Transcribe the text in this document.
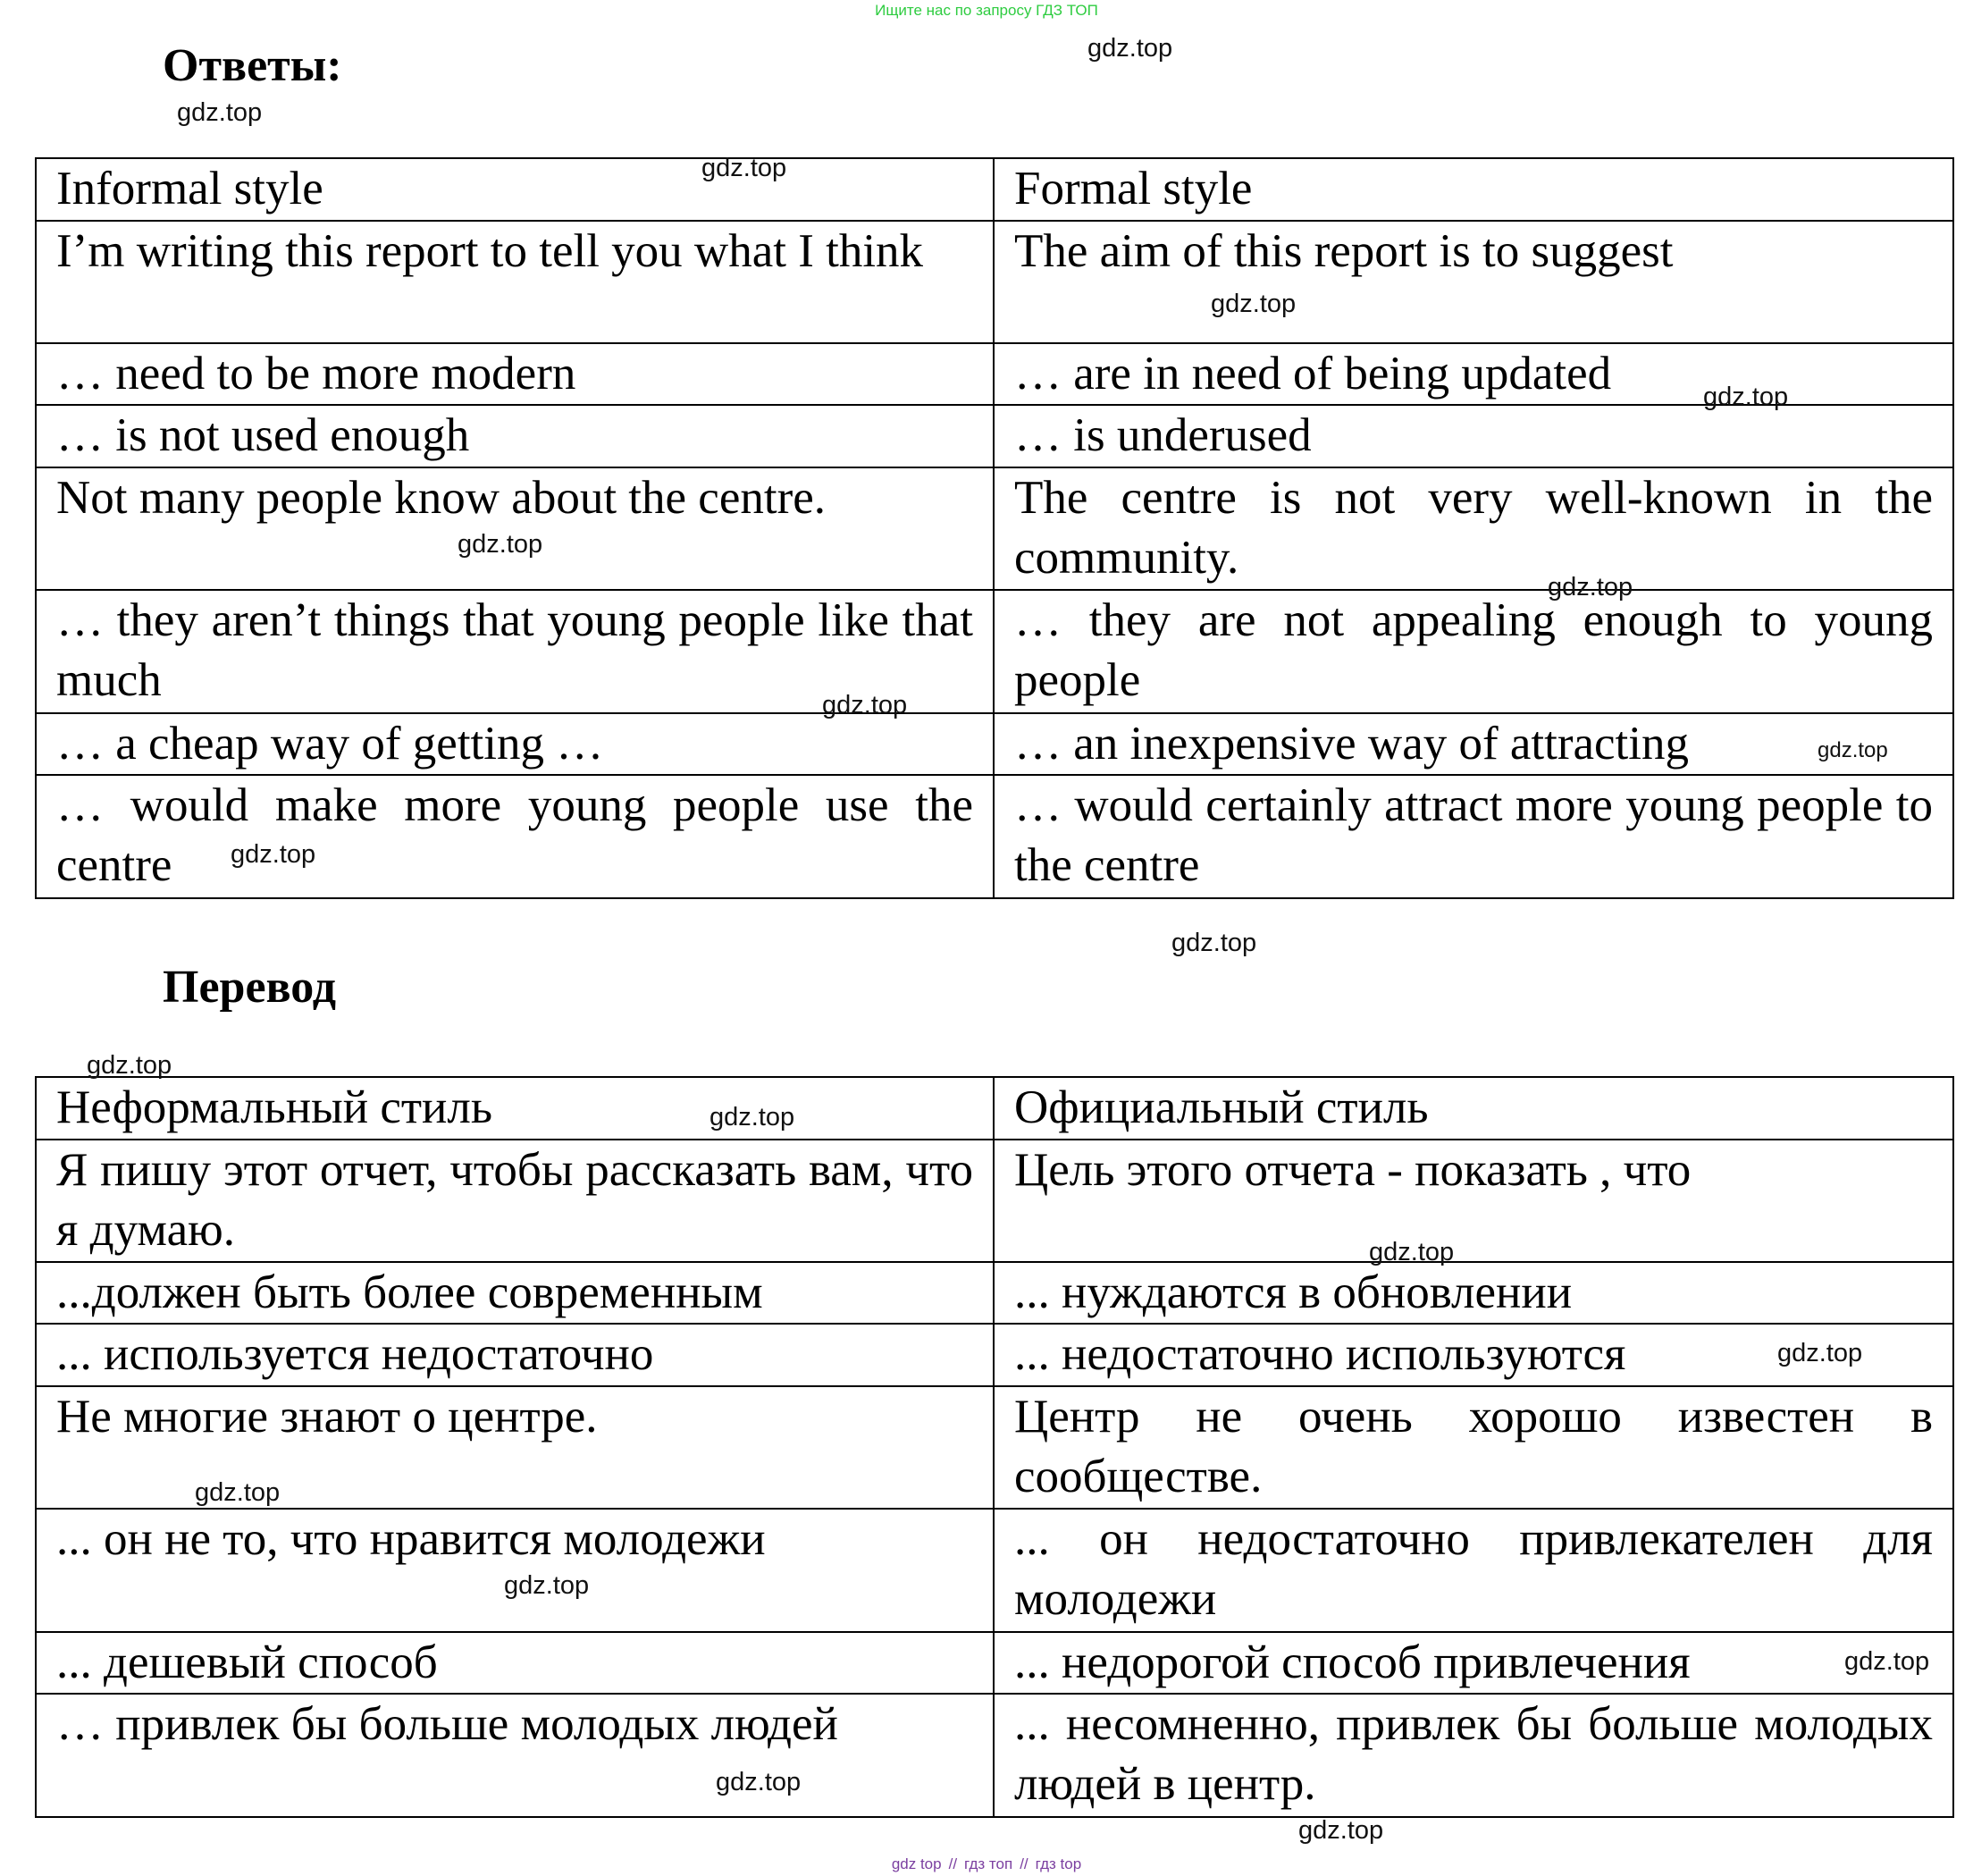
Ищите нас по запросу ГДЗ ТОП
Ответы:
Informal style	Formal style
I’m writing this report to tell you what I think	The aim of this report is to suggest
… need to be more modern	… are in need of being updated
… is not used enough	… is underused
Not many people know about the centre.	The centre is not very well-known in the community.
… they aren’t things that young people like that much	… they are not appealing enough to young people
… a cheap way of getting …	… an inexpensive way of attracting
… would make more young people use the centre	… would certainly attract more young people to the centre
Перевод
Неформальный стиль	Официальный стиль
Я пишу этот отчет, чтобы рассказать вам, что я думаю.	Цель этого отчета - показать , что
...должен быть более современным	... нуждаются в обновлении
... используется недостаточно	... недостаточно используются
Не многие знают о центре.	Центр не очень хорошо известен в сообществе.
... он не то, что нравится молодежи	... он недостаточно привлекателен для молодежи
... дешевый способ	... недорогой способ привлечения
… привлек бы больше молодых людей	... несомненно, привлек бы больше молодых людей в центр.
gdz.top
gdz.top
gdz.top
gdz.top
gdz.top
gdz.top
gdz.top
gdz.top
gdz.top
gdz.top
gdz.top
gdz.top
gdz.top
gdz.top
gdz.top
gdz.top
gdz.top
gdz.top
gdz.top
gdz.top
gdz top // гдз топ // гдз top
